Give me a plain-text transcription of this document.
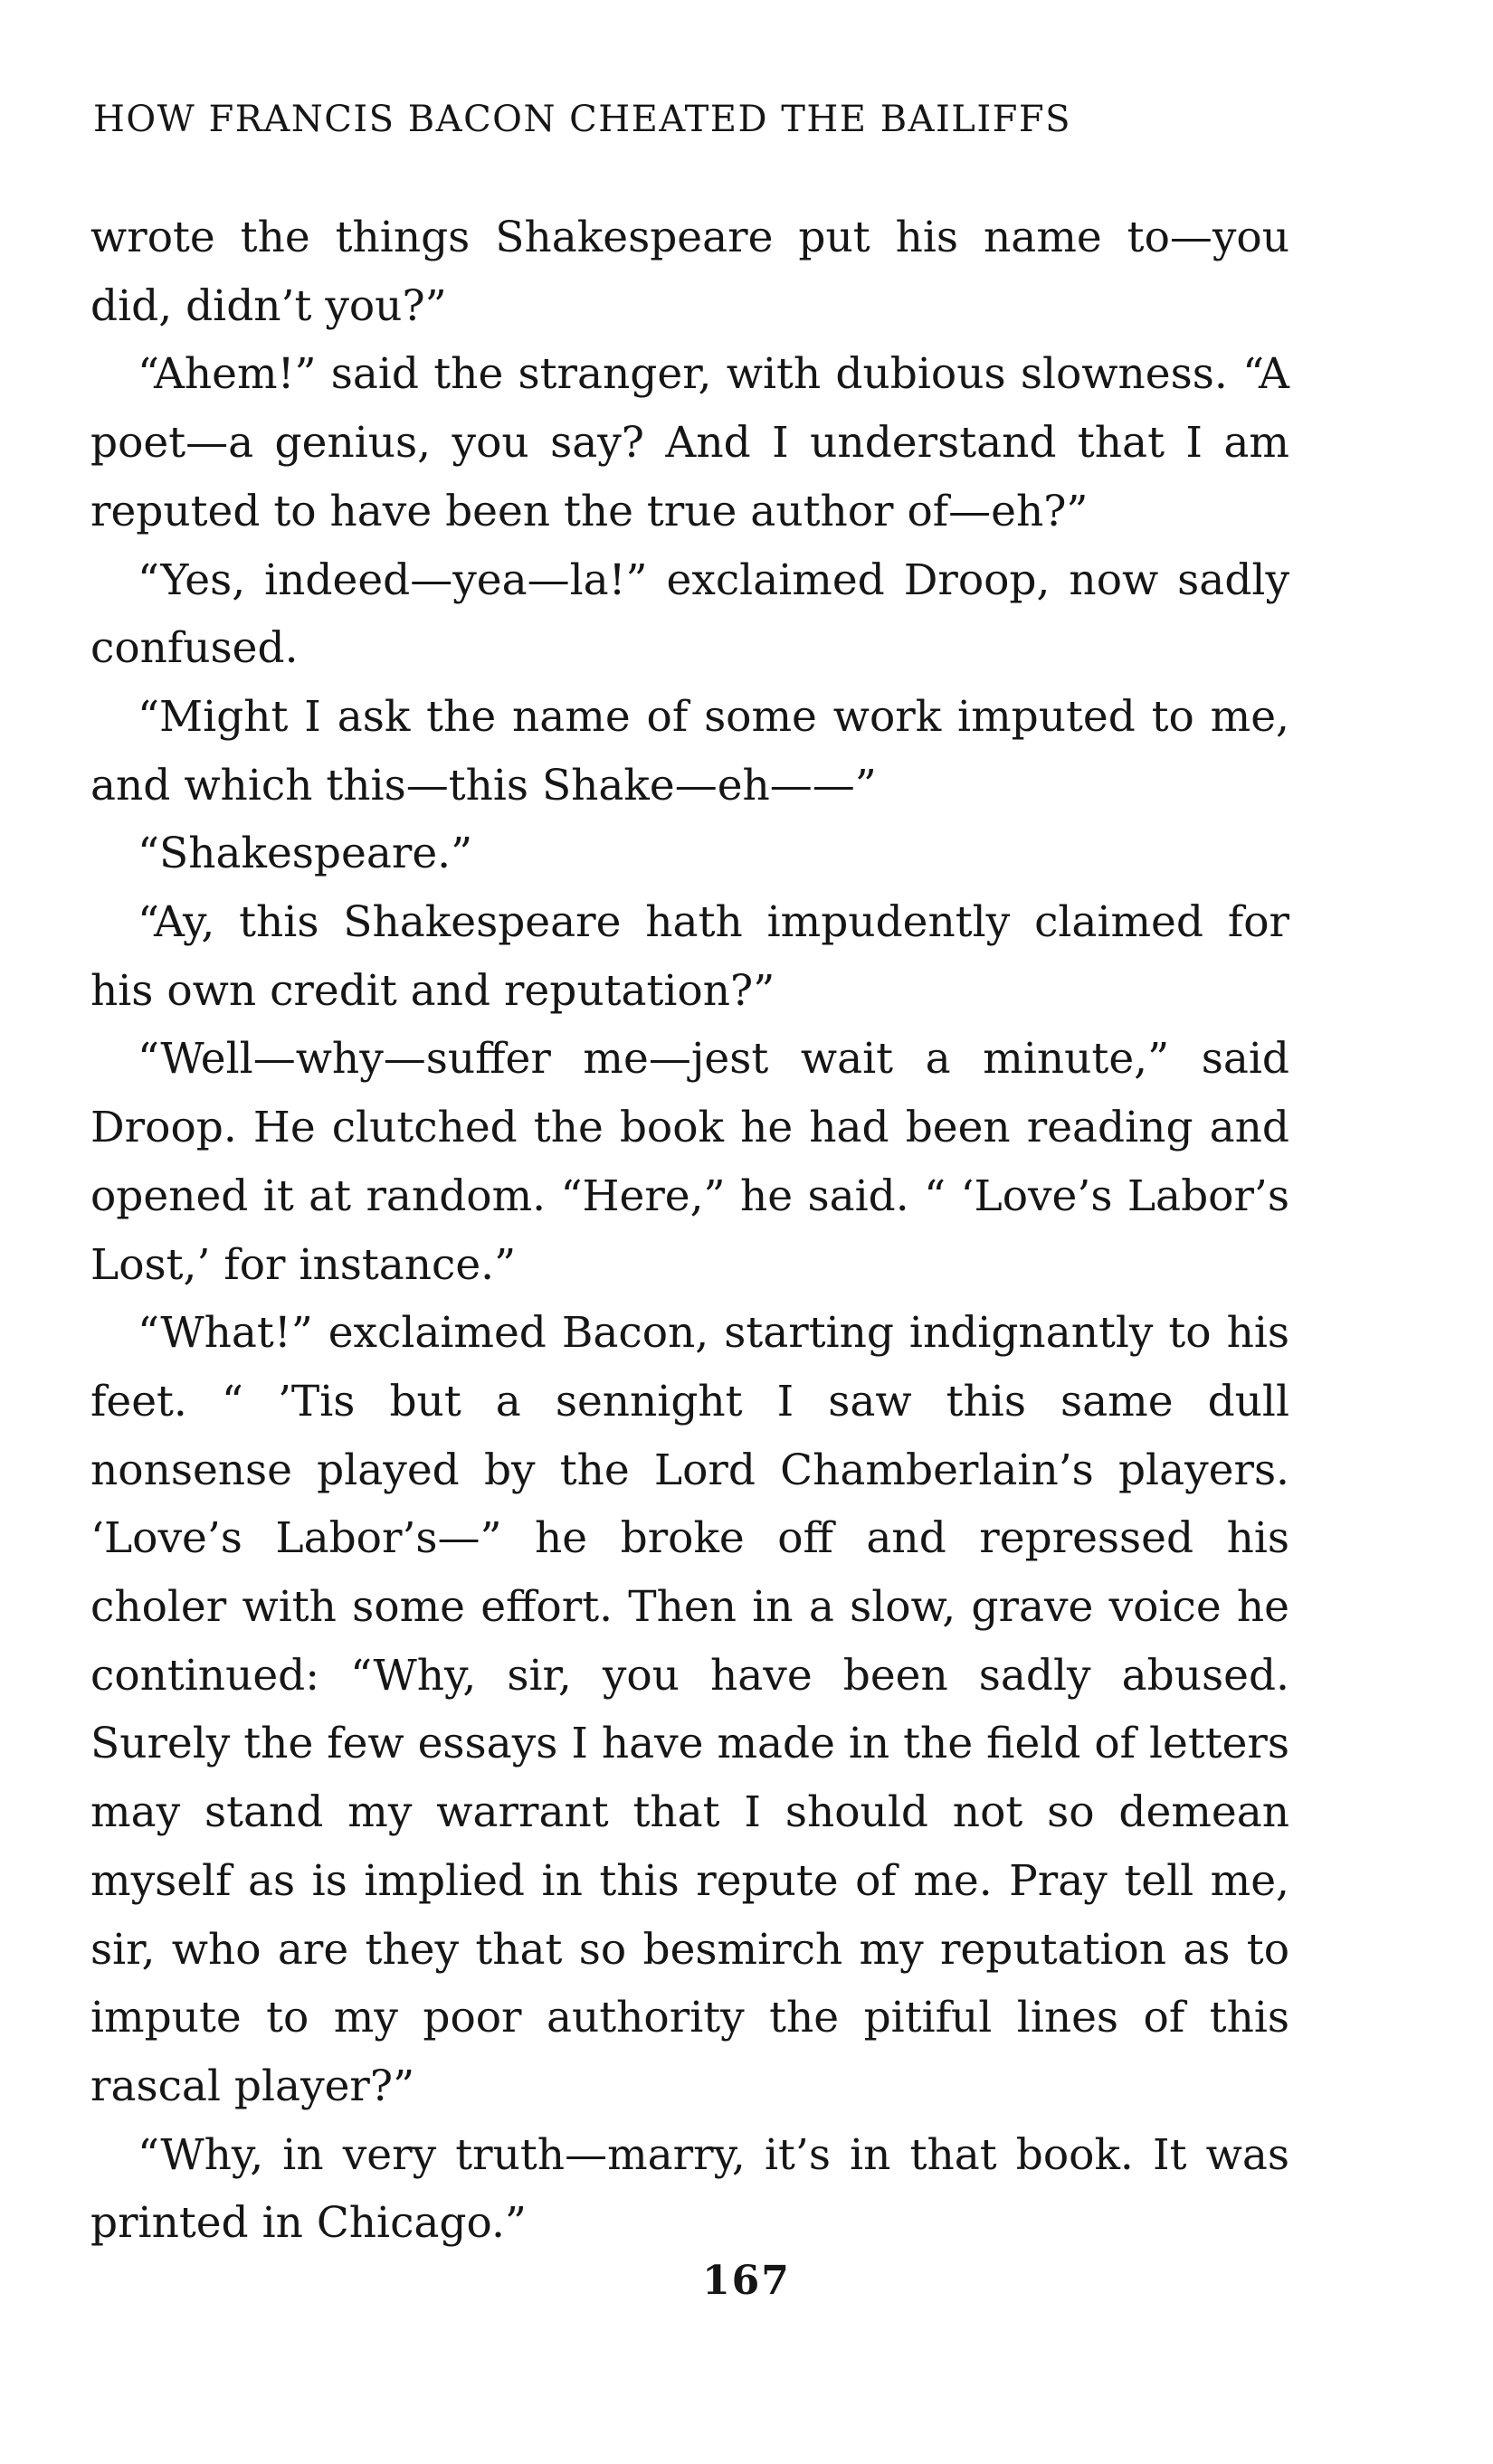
HOW FRANCIS BACON CHEATED THE BAILIFFS

wrote the things Shakespeare put his name to—you did, didn’t you?”

“Ahem!” said the stranger, with dubious slowness. “A poet—a genius, you say? And I understand that I am reputed to have been the true author of—eh?”

“Yes, indeed—yea—la!” exclaimed Droop, now sadly confused.

“Might I ask the name of some work imputed to me, and which this—this Shake—eh——”

“Shakespeare.”

“Ay, this Shakespeare hath impudently claimed for his own credit and reputation?”

“Well—why—suffer me—jest wait a minute,” said Droop. He clutched the book he had been reading and opened it at random. “Here,” he said. “ ‘Love’s Labor’s Lost,’ for instance.”

“What!” exclaimed Bacon, starting indignantly to his feet. “ ’Tis but a sennight I saw this same dull nonsense played by the Lord Chamberlain’s players. ‘Love’s Labor’s—” he broke off and repressed his choler with some effort. Then in a slow, grave voice he continued: “Why, sir, you have been sadly abused. Surely the few essays I have made in the field of letters may stand my warrant that I should not so demean myself as is implied in this repute of me. Pray tell me, sir, who are they that so besmirch my reputation as to impute to my poor authority the pitiful lines of this rascal player?”

“Why, in very truth—marry, it’s in that book. It was printed in Chicago.”

167
